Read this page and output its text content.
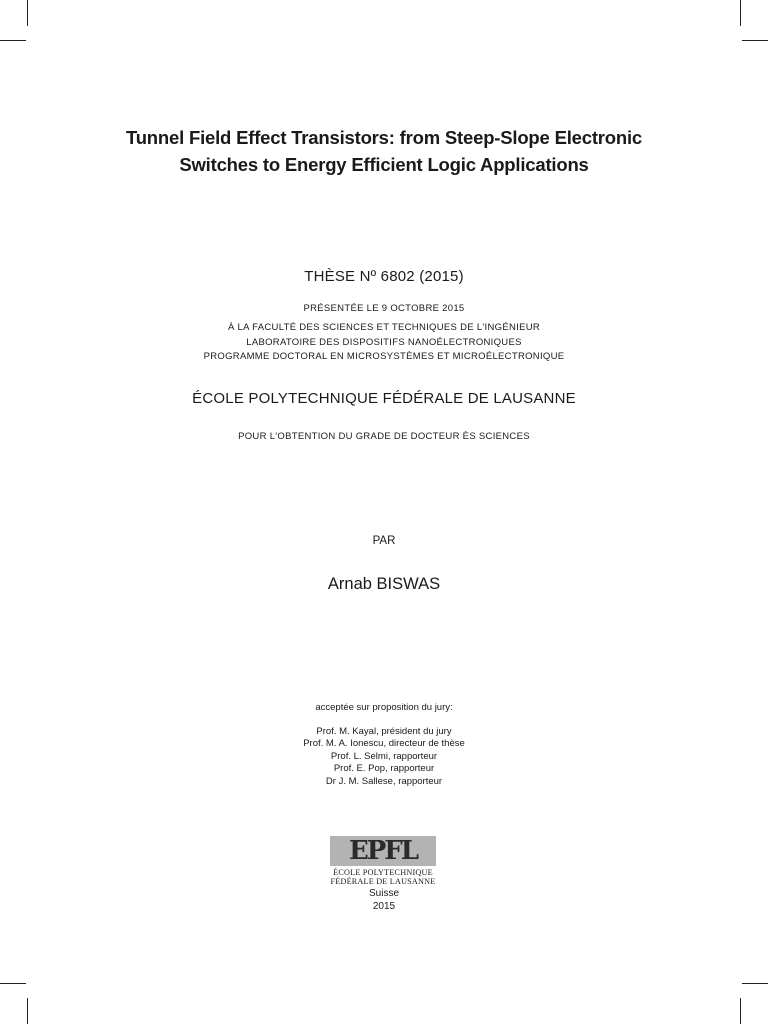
Tunnel Field Effect Transistors: from Steep-Slope Electronic
Switches to Energy Efficient Logic Applications
THÈSE Nº 6802 (2015)
PRÉSENTÉE LE 9 OCTOBRE 2015
À LA FACULTÉ DES SCIENCES ET TECHNIQUES DE L'INGÉNIEUR
LABORATOIRE DES DISPOSITIFS NANOÉLECTRONIQUES
PROGRAMME DOCTORAL EN MICROSYSTÈMES ET MICROÉLECTRONIQUE
ÉCOLE POLYTECHNIQUE FÉDÉRALE DE LAUSANNE
POUR L'OBTENTION DU GRADE DE DOCTEUR ÈS SCIENCES
PAR
Arnab BISWAS
acceptée sur proposition du jury:
Prof. M. Kayal, président du jury
Prof. M. A. Ionescu, directeur de thèse
Prof. L. Selmi, rapporteur
Prof. E. Pop, rapporteur
Dr J. M. Sallese, rapporteur
EPFL
ÉCOLE POLYTECHNIQUE
FÉDÉRALE DE LAUSANNE
Suisse
2015
